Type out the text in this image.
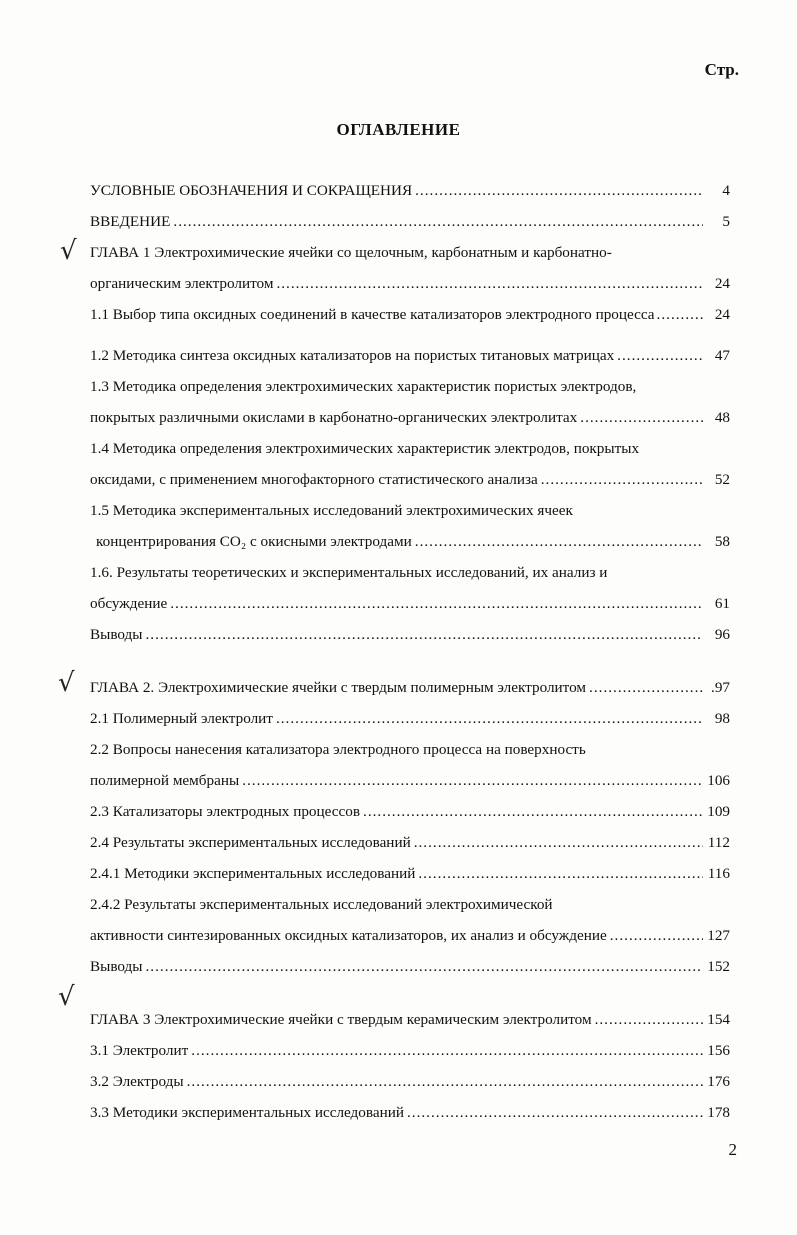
Стр.
ОГЛАВЛЕНИЕ
√
√
√
УСЛОВНЫЕ ОБОЗНАЧЕНИЯ И СОКРАЩЕНИЯ .....	4
ВВЕДЕНИЕ .....	5
ГЛАВА 1 Электрохимические ячейки со щелочным, карбонатным и карбонатно-
органическим электролитом .....	24
1.1 Выбор типа оксидных соединений в качестве катализаторов электродного процесса .....	24
1.2 Методика синтеза оксидных катализаторов на пористых титановых матрицах .....	47
1.3 Методика определения электрохимических характеристик пористых электродов,
покрытых различными окислами в карбонатно-органических электролитах .....	48
1.4 Методика определения электрохимических характеристик электродов, покрытых
оксидами, с применением многофакторного статистического анализа .....	52
1.5 Методика экспериментальных исследований электрохимических ячеек
концентрирования CO₂ с окисными электродами .....	58
1.6. Результаты теоретических и экспериментальных исследований, их анализ и
обсуждение .....	61
Выводы .....	96
ГЛАВА 2. Электрохимические ячейки с твердым полимерным электролитом .....	.97
2.1 Полимерный электролит .....	98
2.2 Вопросы нанесения катализатора электродного процесса на поверхность
полимерной мембраны .....	106
2.3 Катализаторы электродных процессов .....	109
2.4 Результаты экспериментальных исследований .....	112
2.4.1 Методики экспериментальных исследований .....	116
2.4.2 Результаты экспериментальных исследований электрохимической
активности синтезированных оксидных катализаторов, их анализ и обсуждение .....	127
Выводы .....	152
ГЛАВА 3 Электрохимические ячейки с твердым керамическим электролитом .....	154
3.1 Электролит .....	156
3.2 Электроды .....	176
3.3 Методики экспериментальных исследований .....	178
2
